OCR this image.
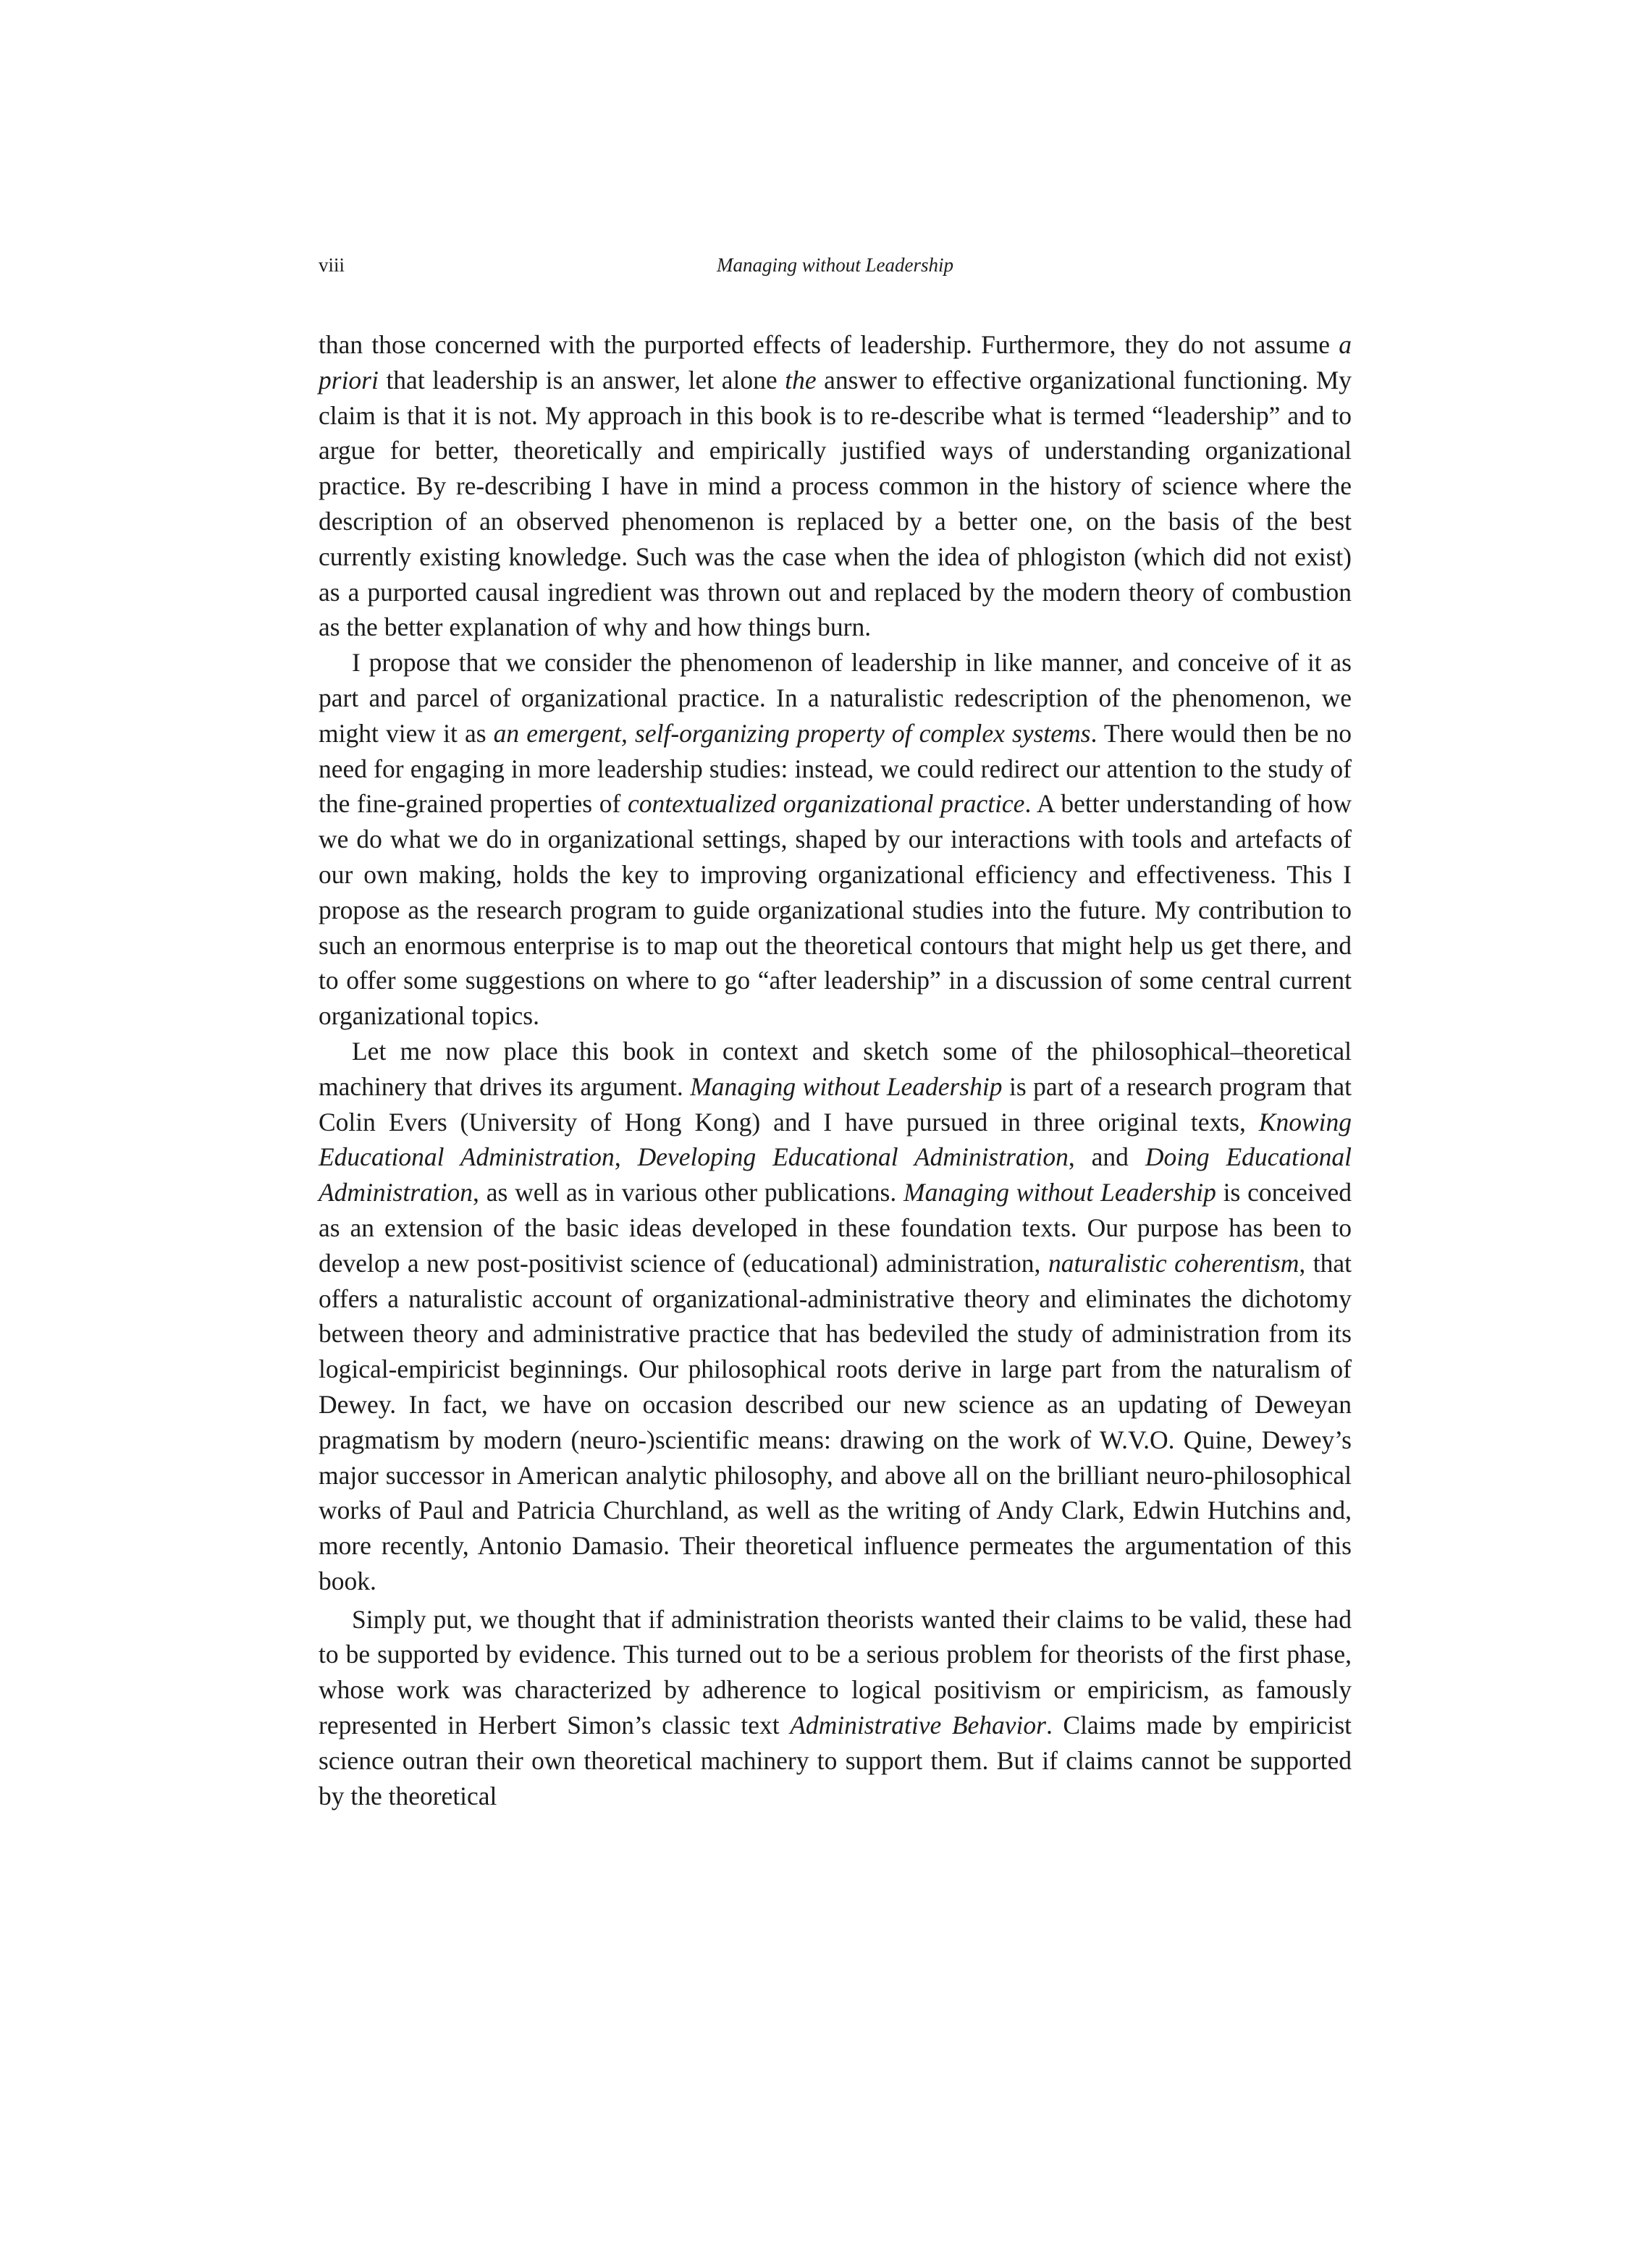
viii	Managing without Leadership

than those concerned with the purported effects of leadership. Furthermore, they do not assume a priori that leadership is an answer, let alone the answer to effective organizational functioning. My claim is that it is not. My approach in this book is to re-describe what is termed “leadership” and to argue for better, theoretically and empirically justified ways of understanding organizational practice. By re-describing I have in mind a process common in the history of science where the description of an observed phenomenon is replaced by a better one, on the basis of the best currently existing knowledge. Such was the case when the idea of phlogiston (which did not exist) as a purported causal ingredient was thrown out and replaced by the modern theory of combustion as the better explanation of why and how things burn.

I propose that we consider the phenomenon of leadership in like manner, and conceive of it as part and parcel of organizational practice. In a naturalistic redescription of the phenomenon, we might view it as an emergent, self-organizing property of complex systems. There would then be no need for engaging in more leadership studies: instead, we could redirect our attention to the study of the fine-grained properties of contextualized organizational practice. A better understanding of how we do what we do in organizational settings, shaped by our interactions with tools and artefacts of our own making, holds the key to improving organizational efficiency and effectiveness. This I propose as the research program to guide organizational studies into the future. My contribution to such an enormous enterprise is to map out the theoretical contours that might help us get there, and to offer some suggestions on where to go “after leadership” in a discussion of some central current organizational topics.

Let me now place this book in context and sketch some of the philosophical–theoretical machinery that drives its argument. Managing without Leadership is part of a research program that Colin Evers (University of Hong Kong) and I have pursued in three original texts, Knowing Educational Administration, Developing Educational Administration, and Doing Educational Administration, as well as in various other publications. Managing without Leadership is conceived as an extension of the basic ideas developed in these foundation texts. Our purpose has been to develop a new post-positivist science of (educational) administration, naturalistic coherentism, that offers a naturalistic account of organizational-administrative theory and eliminates the dichotomy between theory and administrative practice that has bedeviled the study of administration from its logical-empiricist beginnings. Our philosophical roots derive in large part from the naturalism of Dewey. In fact, we have on occasion described our new science as an updating of Deweyan pragmatism by modern (neuro-)scientific means: drawing on the work of W.V.O. Quine, Dewey’s major successor in American analytic philosophy, and above all on the brilliant neuro-philosophical works of Paul and Patricia Churchland, as well as the writing of Andy Clark, Edwin Hutchins and, more recently, Antonio Damasio. Their theoretical influence permeates the argumentation of this book.

Simply put, we thought that if administration theorists wanted their claims to be valid, these had to be supported by evidence. This turned out to be a serious problem for theorists of the first phase, whose work was characterized by adherence to logical positivism or empiricism, as famously represented in Herbert Simon’s classic text Administrative Behavior. Claims made by empiricist science outran their own theoretical machinery to support them. But if claims cannot be supported by the theoretical
